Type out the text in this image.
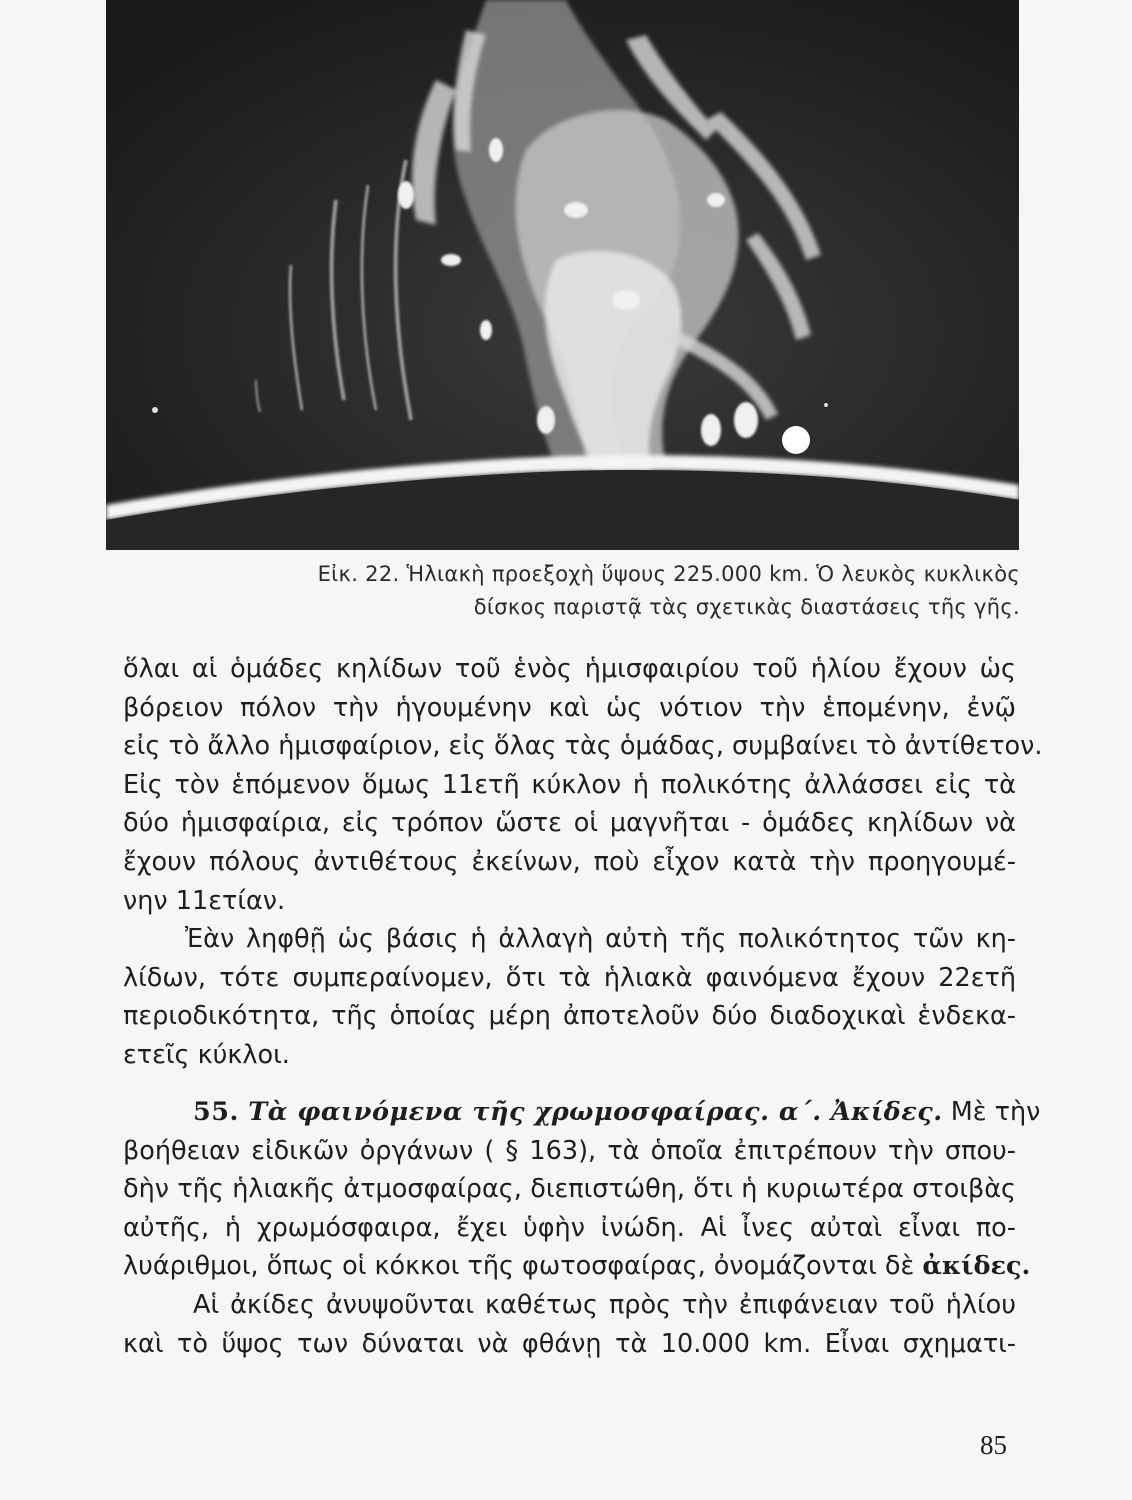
Εἰκ. 22. Ἡλιακὴ προεξοχὴ ὕψους 225.000 km. Ὁ λευκὸς κυκλικὸς
δίσκος παριστᾷ τὰς σχετικὰς διαστάσεις τῆς γῆς.
ὅλαι αἱ ὁμάδες κηλίδων τοῦ ἑνὸς ἡμισφαιρίου τοῦ ἡλίου ἔχουν ὡς
βόρειον πόλον τὴν ἡγουμένην καὶ ὡς νότιον τὴν ἑπομένην, ἐνῷ
εἰς τὸ ἄλλο ἡμισφαίριον, εἰς ὅλας τὰς ὁμάδας, συμβαίνει τὸ ἀντίθετον.
Εἰς τὸν ἑπόμενον ὅμως 11ετῆ κύκλον ἡ πολικότης ἀλλάσσει εἰς τὰ
δύο ἡμισφαίρια, εἰς τρόπον ὥστε οἱ μαγνῆται - ὁμάδες κηλίδων νὰ
ἔχουν πόλους ἀντιθέτους ἐκείνων, ποὺ εἶχον κατὰ τὴν προηγουμέ-
νην 11ετίαν.
Ἐὰν ληφθῇ ὡς βάσις ἡ ἀλλαγὴ αὐτὴ τῆς πολικότητος τῶν κη-
λίδων, τότε συμπεραίνομεν, ὅτι τὰ ἡλιακὰ φαινόμενα ἔχουν 22ετῆ
περιοδικότητα, τῆς ὁποίας μέρη ἀποτελοῦν δύο διαδοχικαὶ ἑνδεκα-
ετεῖς κύκλοι.
55. Τὰ φαινόμενα τῆς χρωμοσφαίρας. α΄. Ἀκίδες. Μὲ τὴν
βοήθειαν εἰδικῶν ὀργάνων ( § 163), τὰ ὁποῖα ἐπιτρέπουν τὴν σπου-
δὴν τῆς ἡλιακῆς ἀτμοσφαίρας, διεπιστώθη, ὅτι ἡ κυριωτέρα στοιβὰς
αὐτῆς, ἡ χρωμόσφαιρα, ἔχει ὑφὴν ἰνώδη. Αἱ ἶνες αὐταὶ εἶναι πο-
λυάριθμοι, ὅπως οἱ κόκκοι τῆς φωτοσφαίρας, ὀνομάζονται δὲ ἀκίδες.
Αἱ ἀκίδες ἀνυψοῦνται καθέτως πρὸς τὴν ἐπιφάνειαν τοῦ ἡλίου
καὶ τὸ ὕψος των δύναται νὰ φθάνῃ τὰ 10.000 km. Εἶναι σχηματι-
85
